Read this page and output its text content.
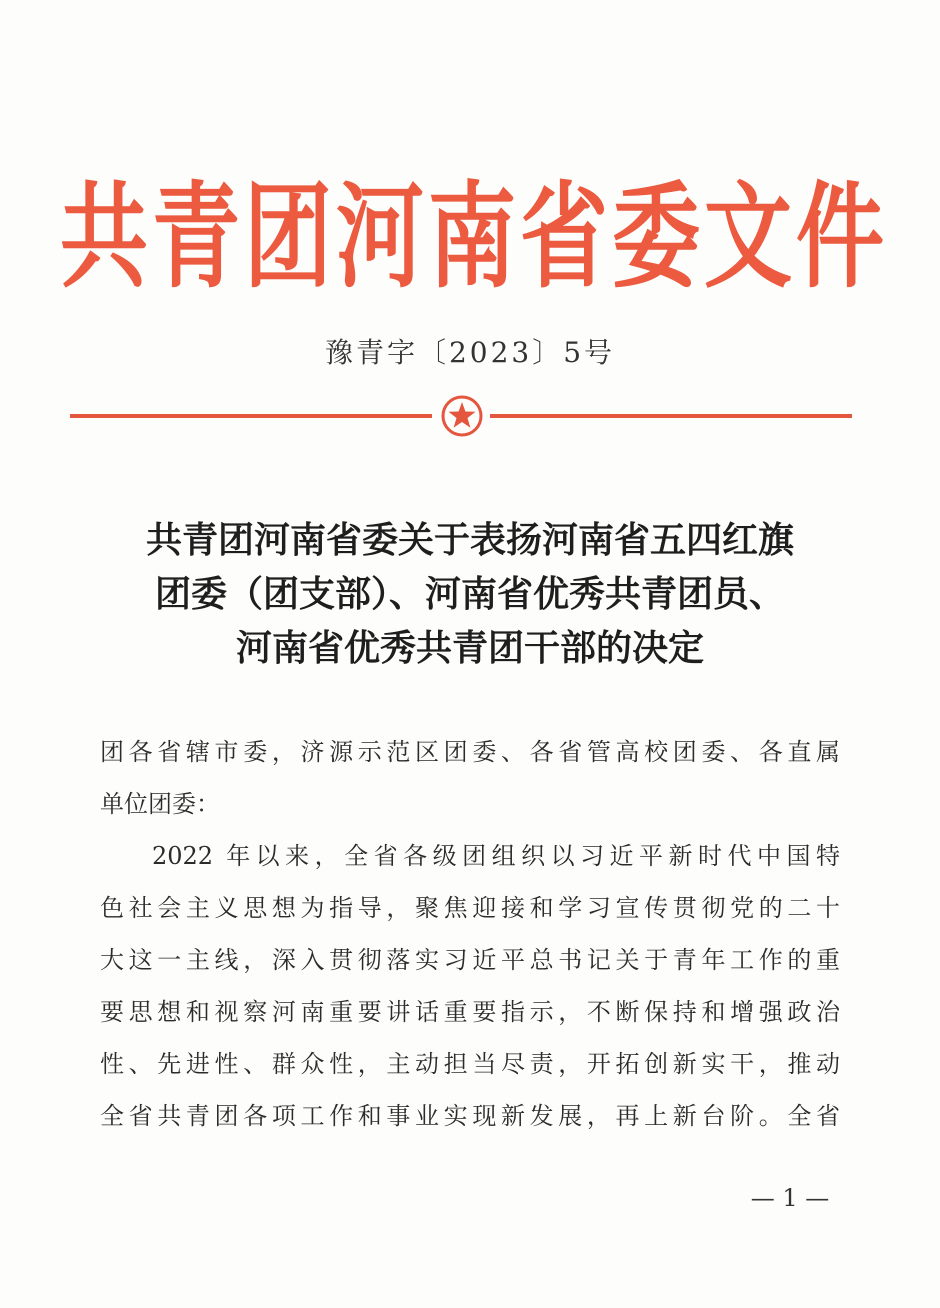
共青团河南省委文件
豫青字〔2023〕5号
共青团河南省委关于表扬河南省五四红旗
团委（团支部）、河南省优秀共青团员、
河南省优秀共青团干部的决定
团各省辖市委，济源示范区团委、各省管高校团委、各直属
单位团委：
2022 年以来，全省各级团组织以习近平新时代中国特
色社会主义思想为指导，聚焦迎接和学习宣传贯彻党的二十
大这一主线，深入贯彻落实习近平总书记关于青年工作的重
要思想和视察河南重要讲话重要指示，不断保持和增强政治
性、先进性、群众性，主动担当尽责，开拓创新实干，推动
全省共青团各项工作和事业实现新发展，再上新台阶。全省
— 1 —
